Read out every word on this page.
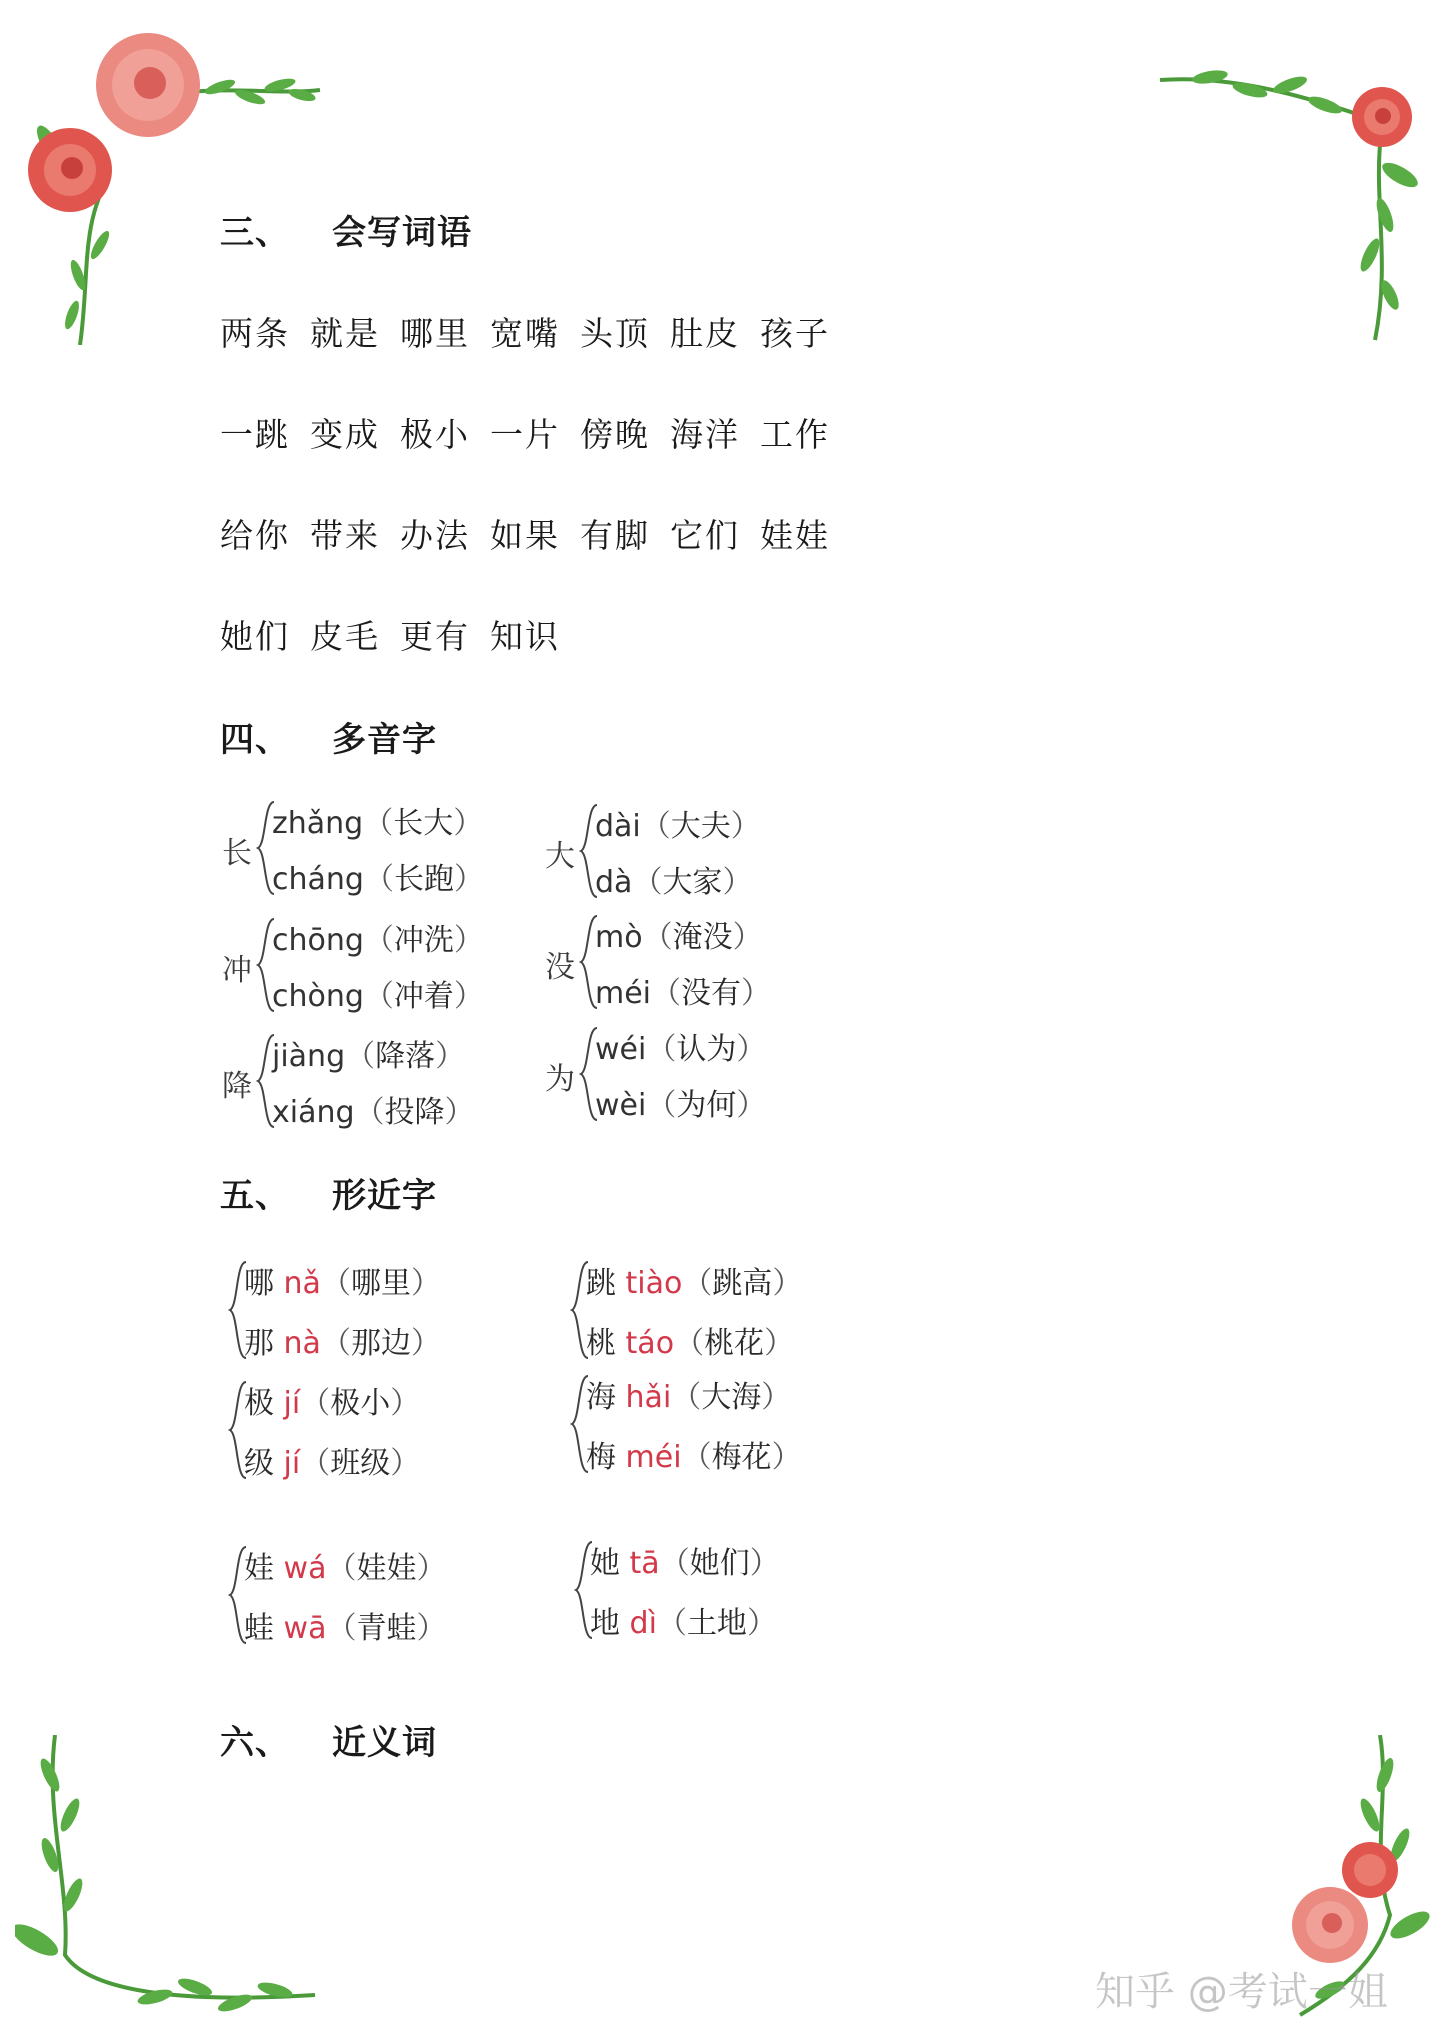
三、 会写词语
两条 就是 哪里 宽嘴 头顶 肚皮 孩子
一跳 变成 极小 一片 傍晚 海洋 工作
给你 带来 办法 如果 有脚 它们 娃娃
她们 皮毛 更有 知识
四、 多音字
长
zhǎng（长大）
cháng（长跑）
大
dài（大夫）
dà（大家）
冲
chōng（冲洗）
chòng（冲着）
没
mò（淹没）
méi（没有）
降
jiàng（降落）
xiáng（投降）
为
wéi（认为）
wèi（为何）
五、 形近字
哪 nǎ（哪里）
那 nà（那边）
跳 tiào（跳高）
桃 táo（桃花）
极 jí（极小）
级 jí（班级）
海 hǎi（大海）
梅 méi（梅花）
娃 wá（娃娃）
蛙 wā（青蛙）
她 tā（她们）
地 dì（土地）
六、 近义词
知乎 @考试一姐
